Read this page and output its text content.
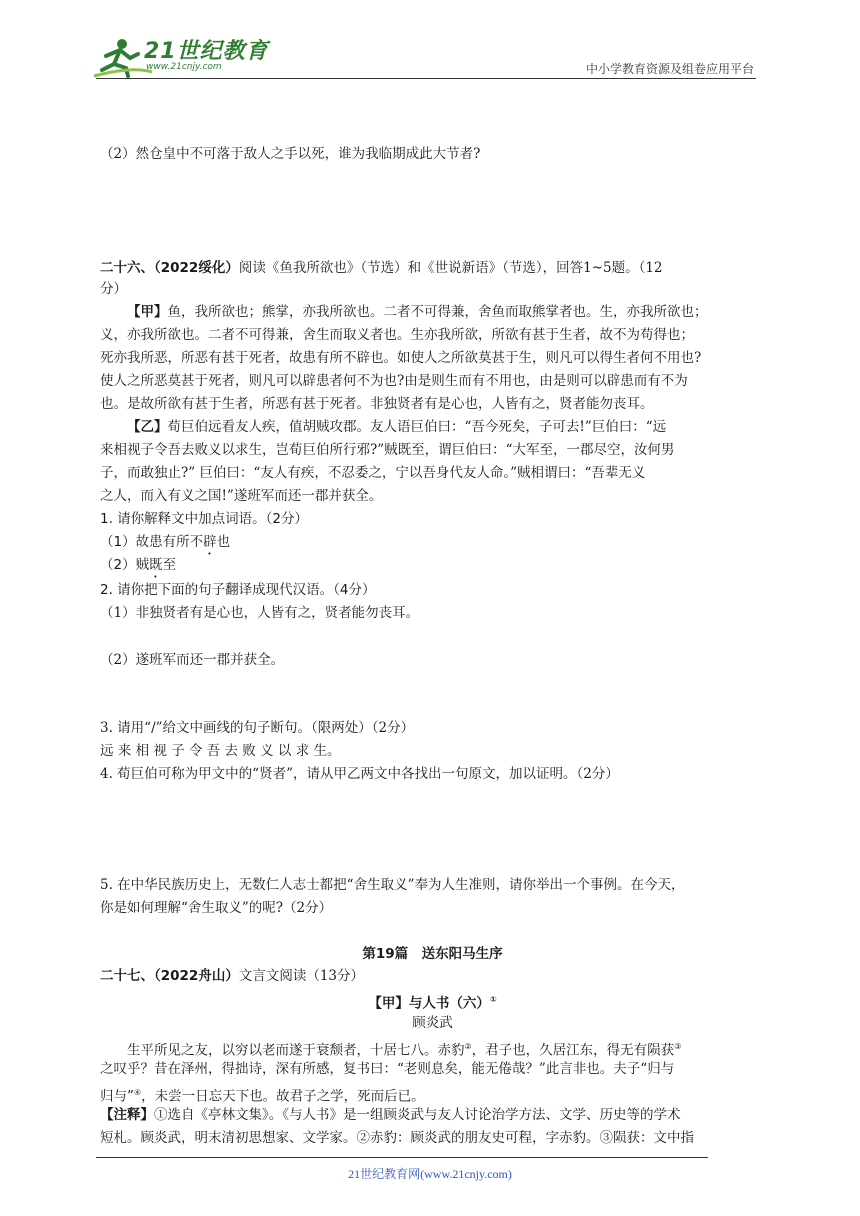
21世纪教育
www.21cnjy.com	中小学教育资源及组卷应用平台
（2）然仓皇中不可落于敌人之手以死，谁为我临期成此大节者?
二十六、（2022绥化）阅读《鱼我所欲也》（节选）和《世说新语》（节选），回答1~5题。（12
分）
【甲】鱼，我所欲也；熊掌，亦我所欲也。二者不可得兼，舍鱼而取熊掌者也。生，亦我所欲也；
义，亦我所欲也。二者不可得兼，舍生而取义者也。生亦我所欲，所欲有甚于生者，故不为苟得也；
死亦我所恶，所恶有甚于死者，故患有所不辟也。如使人之所欲莫甚于生，则凡可以得生者何不用也?
使人之所恶莫甚于死者，则凡可以辟患者何不为也?由是则生而有不用也，由是则可以辟患而有不为
也。是故所欲有甚于生者，所恶有甚于死者。非独贤者有是心也，人皆有之，贤者能勿丧耳。
【乙】荀巨伯远看友人疾，值胡贼攻郡。友人语巨伯曰：“吾今死矣，子可去!”巨伯曰：“远
来相视子令吾去败义以求生，岂荀巨伯所行邪?”贼既至，谓巨伯曰：“大军至，一郡尽空，汝何男
子，而敢独止?” 巨伯曰：“友人有疾，不忍委之，宁以吾身代友人命。”贼相谓曰：“吾辈无义
之人，而入有义之国!”遂班军而还一郡并获全。
1. 请你解释文中加点词语。（2分）
（1）故患有所不辟也
（2）贼既至
2. 请你把下面的句子翻译成现代汉语。（4分）
（1）非独贤者有是心也，人皆有之，贤者能勿丧耳。
（2）遂班军而还一郡并获全。
3. 请用“/”给文中画线的句子断句。（限两处）（2分）
远 来 相 视 子 令 吾 去 败 义 以 求 生。
4. 荀巨伯可称为甲文中的“贤者”，请从甲乙两文中各找出一句原文，加以证明。（2分）
5. 在中华民族历史上，无数仁人志士都把“舍生取义”奉为人生准则，请你举出一个事例。在今天，
你是如何理解“舍生取义”的呢?（2分）
第19篇　送东阳马生序
二十七、（2022舟山）文言文阅读（13分）
【甲】与人书（六）①
顾炎武
生平所见之友，以穷以老而遂于衰颓者，十居七八。赤豹②，君子也，久居江东，得无有陨获③
之叹乎？昔在泽州，得拙诗，深有所感，复书曰：“老则息矣，能无倦哉？”此言非也。夫子“归与
归与”④，未尝一日忘天下也。故君子之学，死而后已。
【注释】①选自《亭林文集》。《与人书》是一组顾炎武与友人讨论治学方法、文学、历史等的学术
短札。顾炎武，明末清初思想家、文学家。②赤豹：顾炎武的朋友史可程，字赤豹。③陨获：文中指
21世纪教育网(www.21cnjy.com)
